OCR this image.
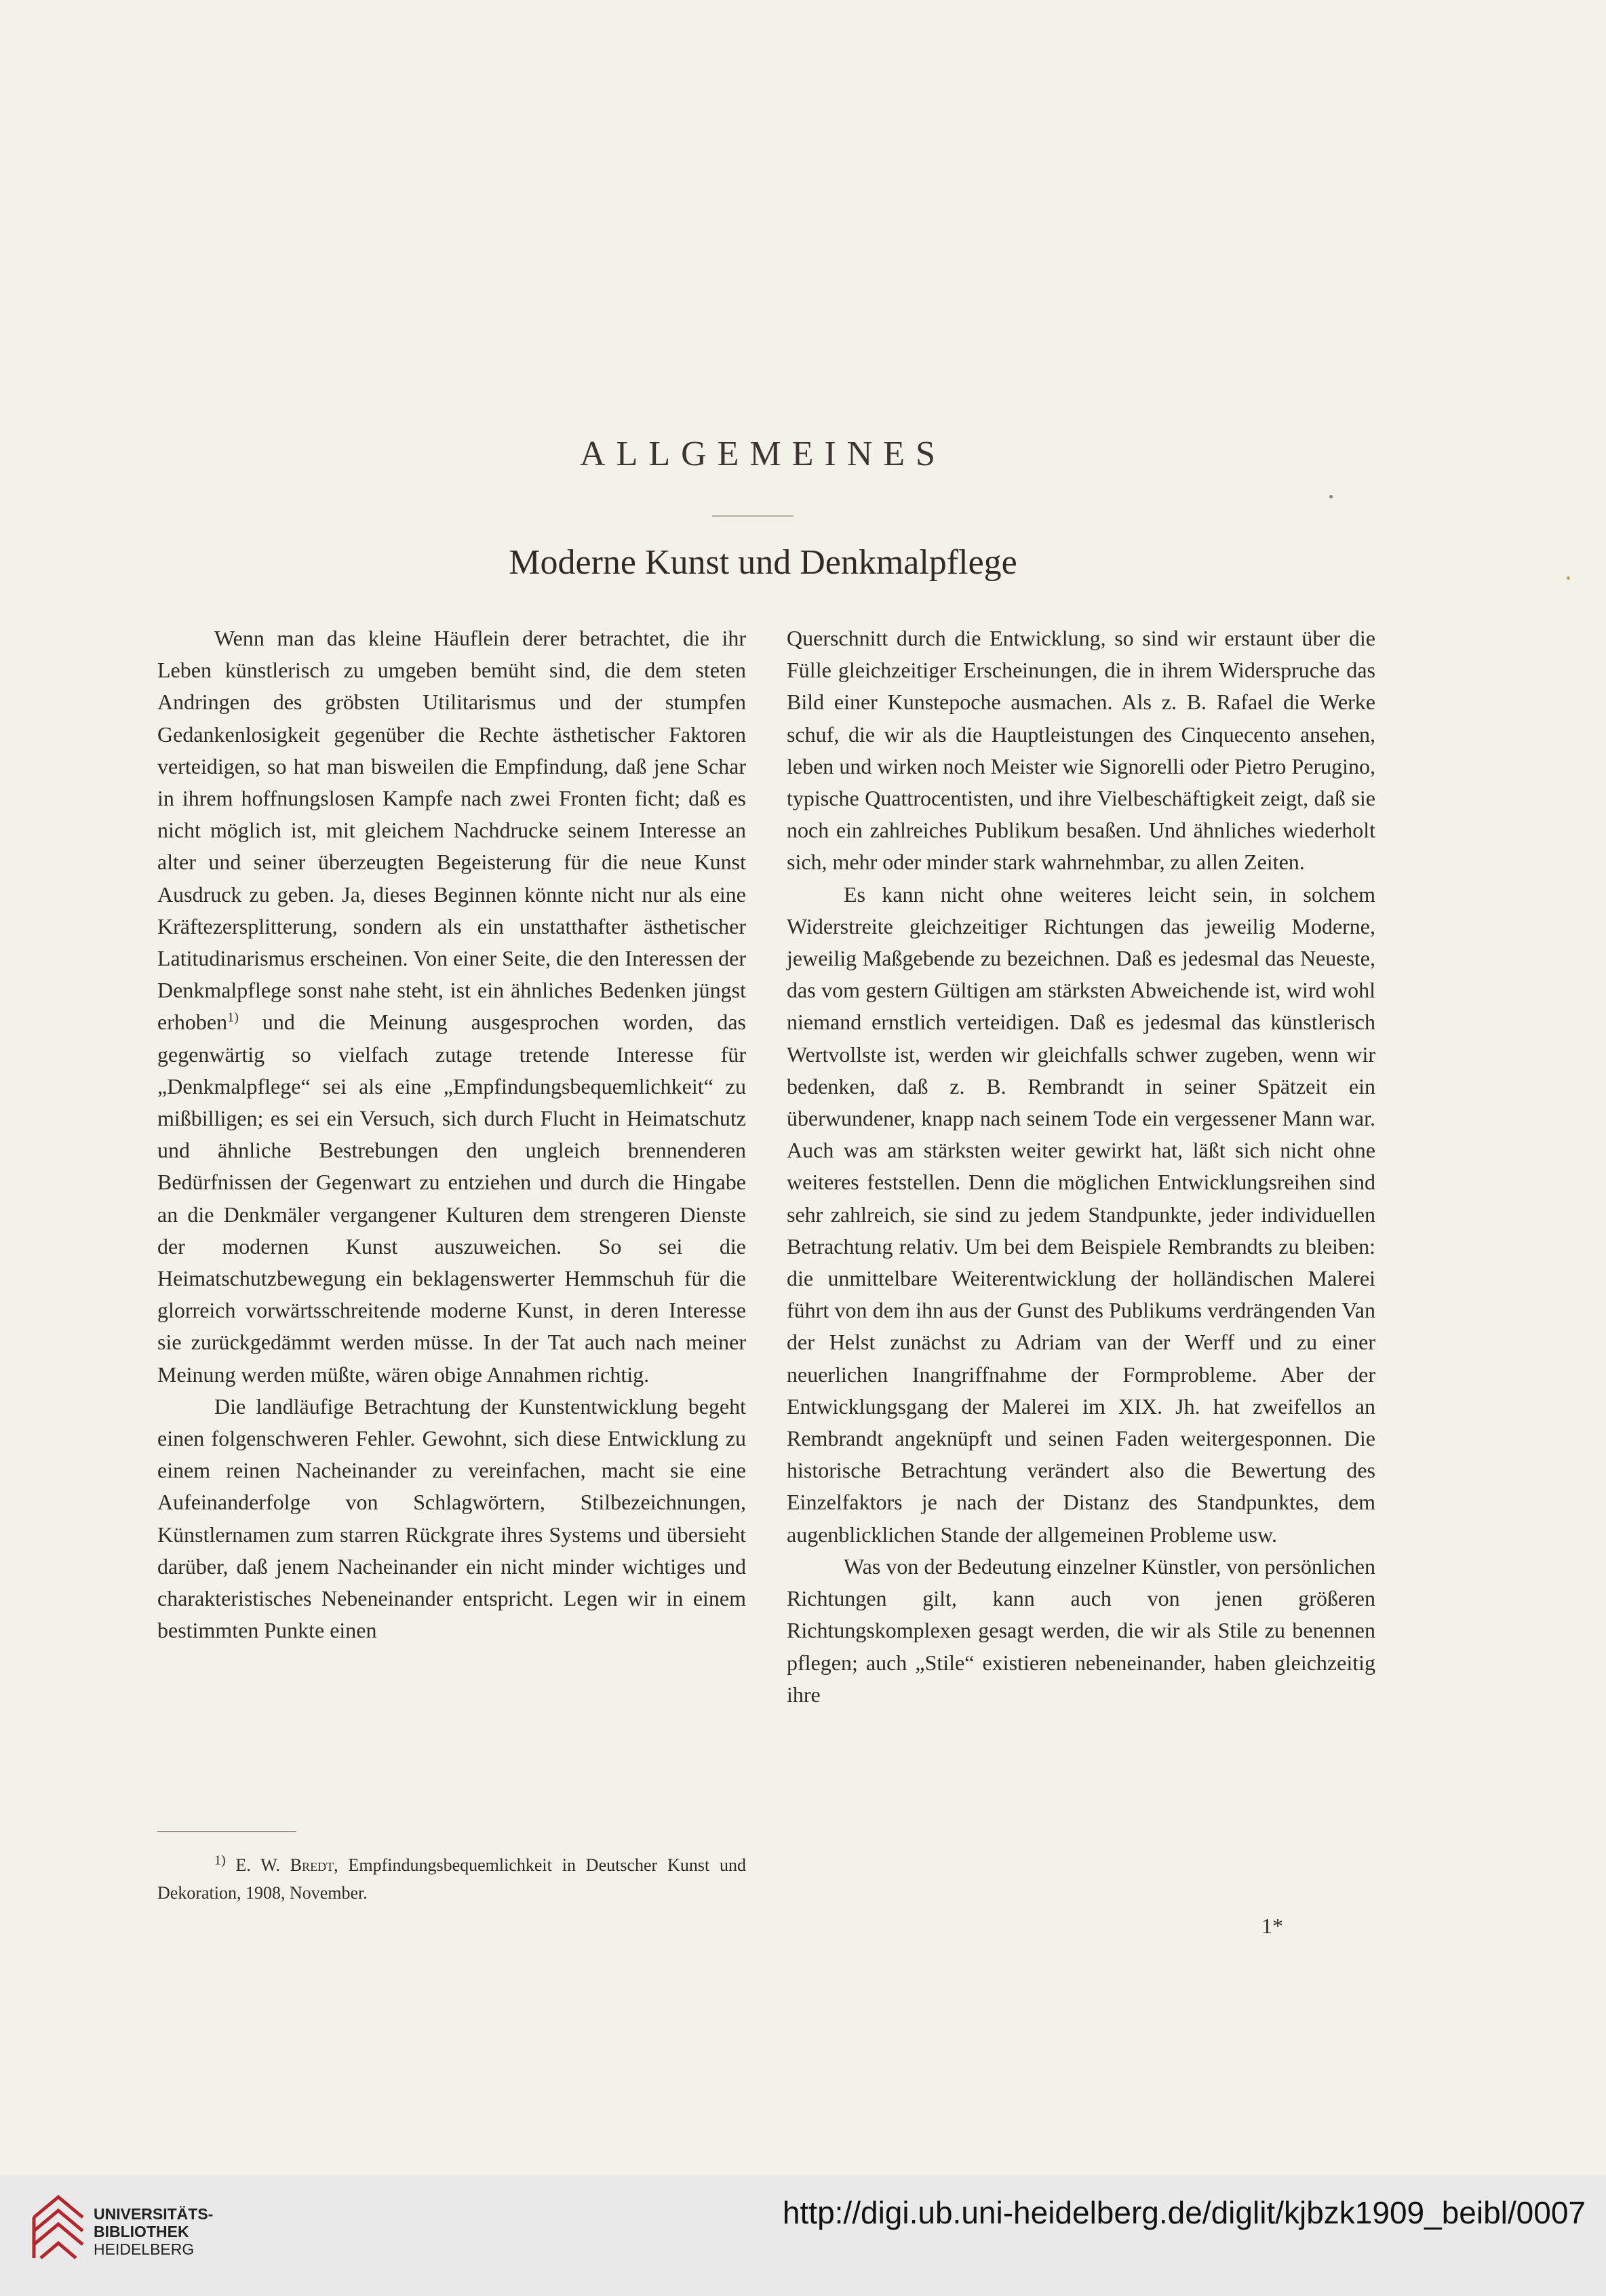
ALLGEMEINES
Moderne Kunst und Denkmalpflege

Wenn man das kleine Häuflein derer betrachtet, die ihr Leben künstlerisch zu umgeben bemüht sind, die dem steten Andringen des gröbsten Utilitarismus und der stumpfen Gedankenlosigkeit gegenüber die Rechte ästhetischer Faktoren verteidigen, so hat man bisweilen die Empfindung, daß jene Schar in ihrem hoffnungslosen Kampfe nach zwei Fronten ficht; daß es nicht möglich ist, mit gleichem Nachdrucke seinem Interesse an alter und seiner überzeugten Begeisterung für die neue Kunst Ausdruck zu geben. Ja, dieses Beginnen könnte nicht nur als eine Kräftezersplitterung, sondern als ein unstatthafter ästhetischer Latitudinarismus erscheinen. Von einer Seite, die den Interessen der Denkmalpflege sonst nahe steht, ist ein ähnliches Bedenken jüngst erhoben$^{1)}$ und die Meinung ausgesprochen worden, das gegenwärtig so vielfach zutage tretende Interesse für „Denkmalpflege“ sei als eine „Empfindungsbequemlichkeit“ zu mißbilligen; es sei ein Versuch, sich durch Flucht in Heimatschutz und ähnliche Bestrebungen den ungleich brennenderen Bedürfnissen der Gegenwart zu entziehen und durch die Hingabe an die Denkmäler vergangener Kulturen dem strengeren Dienste der modernen Kunst auszuweichen. So sei die Heimatschutzbewegung ein beklagenswerter Hemmschuh für die glorreich vorwärtsschreitende moderne Kunst, in deren Interesse sie zurückgedämmt werden müsse. In der Tat auch nach meiner Meinung werden müßte, wären obige Annahmen richtig.

Die landläufige Betrachtung der Kunstentwicklung begeht einen folgenschweren Fehler. Gewohnt, sich diese Entwicklung zu einem reinen Nacheinander zu vereinfachen, macht sie eine Aufeinanderfolge von Schlagwörtern, Stilbezeichnungen, Künstlernamen zum starren Rückgrate ihres Systems und übersieht darüber, daß jenem Nacheinander ein nicht minder wichtiges und charakteristisches Nebeneinander entspricht. Legen wir in einem bestimmten Punkte einen

Querschnitt durch die Entwicklung, so sind wir erstaunt über die Fülle gleichzeitiger Erscheinungen, die in ihrem Widerspruche das Bild einer Kunstepoche ausmachen. Als z. B. Rafael die Werke schuf, die wir als die Hauptleistungen des Cinquecento ansehen, leben und wirken noch Meister wie Signorelli oder Pietro Perugino, typische Quattrocentisten, und ihre Vielbeschäftigkeit zeigt, daß sie noch ein zahlreiches Publikum besaßen. Und ähnliches wiederholt sich, mehr oder minder stark wahrnehmbar, zu allen Zeiten.

Es kann nicht ohne weiteres leicht sein, in solchem Widerstreite gleichzeitiger Richtungen das jeweilig Moderne, jeweilig Maßgebende zu bezeichnen. Daß es jedesmal das Neueste, das vom gestern Gültigen am stärksten Abweichende ist, wird wohl niemand ernstlich verteidigen. Daß es jedesmal das künstlerisch Wertvollste ist, werden wir gleichfalls schwer zugeben, wenn wir bedenken, daß z. B. Rembrandt in seiner Spätzeit ein überwundener, knapp nach seinem Tode ein vergessener Mann war. Auch was am stärksten weiter gewirkt hat, läßt sich nicht ohne weiteres feststellen. Denn die möglichen Entwicklungsreihen sind sehr zahlreich, sie sind zu jedem Standpunkte, jeder individuellen Betrachtung relativ. Um bei dem Beispiele Rembrandts zu bleiben: die unmittelbare Weiterentwicklung der holländischen Malerei führt von dem ihn aus der Gunst des Publikums verdrängenden Van der Helst zunächst zu Adriam van der Werff und zu einer neuerlichen Inangriffnahme der Formprobleme. Aber der Entwicklungsgang der Malerei im XIX. Jh. hat zweifellos an Rembrandt angeknüpft und seinen Faden weitergesponnen. Die historische Betrachtung verändert also die Bewertung des Einzelfaktors je nach der Distanz des Standpunktes, dem augenblicklichen Stande der allgemeinen Probleme usw.

Was von der Bedeutung einzelner Künstler, von persönlichen Richtungen gilt, kann auch von jenen größeren Richtungskomplexen gesagt werden, die wir als Stile zu benennen pflegen; auch „Stile“ existieren nebeneinander, haben gleichzeitig ihre

$^{1)}$ E. W. Bredt, Empfindungsbequemlichkeit in Deutscher Kunst und Dekoration, 1908, November.

1*
UNIVERSITÄTS-
BIBLIOTHEK
HEIDELBERG
http://digi.ub.uni-heidelberg.de/diglit/kjbzk1909_beibl/0007
